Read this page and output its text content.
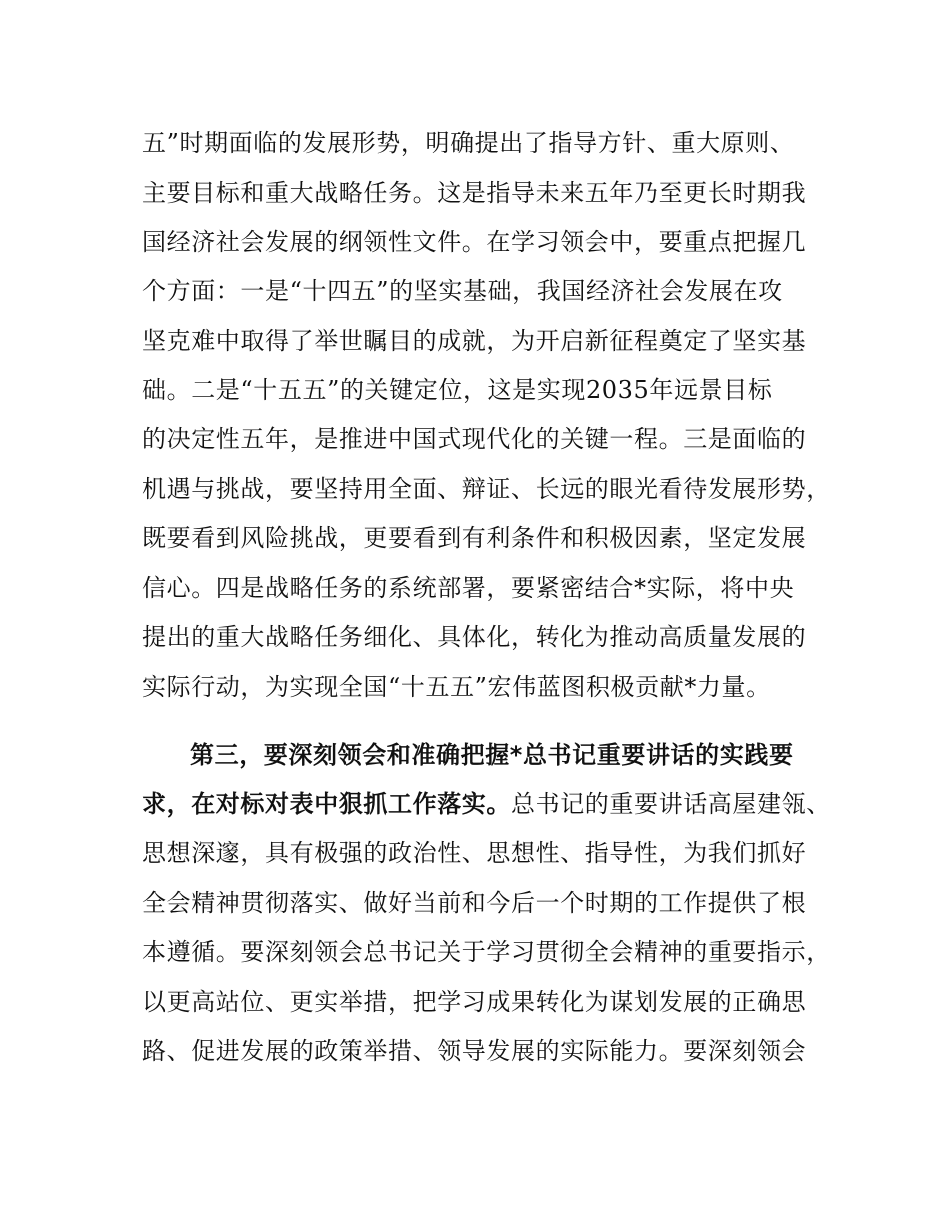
五”时期面临的发展形势，明确提出了指导方针、重大原则、
主要目标和重大战略任务。这是指导未来五年乃至更长时期我
国经济社会发展的纲领性文件。在学习领会中，要重点把握几
个方面：一是“十四五”的坚实基础，我国经济社会发展在攻
坚克难中取得了举世瞩目的成就，为开启新征程奠定了坚实基
础。二是“十五五”的关键定位，这是实现2035年远景目标
的决定性五年，是推进中国式现代化的关键一程。三是面临的
机遇与挑战，要坚持用全面、辩证、长远的眼光看待发展形势，
既要看到风险挑战，更要看到有利条件和积极因素，坚定发展
信心。四是战略任务的系统部署，要紧密结合*实际，将中央
提出的重大战略任务细化、具体化，转化为推动高质量发展的
实际行动，为实现全国“十五五”宏伟蓝图积极贡献*力量。
第三，要深刻领会和准确把握*总书记重要讲话的实践要
求，在对标对表中狠抓工作落实。总书记的重要讲话高屋建瓴、
思想深邃，具有极强的政治性、思想性、指导性，为我们抓好
全会精神贯彻落实、做好当前和今后一个时期的工作提供了根
本遵循。要深刻领会总书记关于学习贯彻全会精神的重要指示，
以更高站位、更实举措，把学习成果转化为谋划发展的正确思
路、促进发展的政策举措、领导发展的实际能力。要深刻领会
